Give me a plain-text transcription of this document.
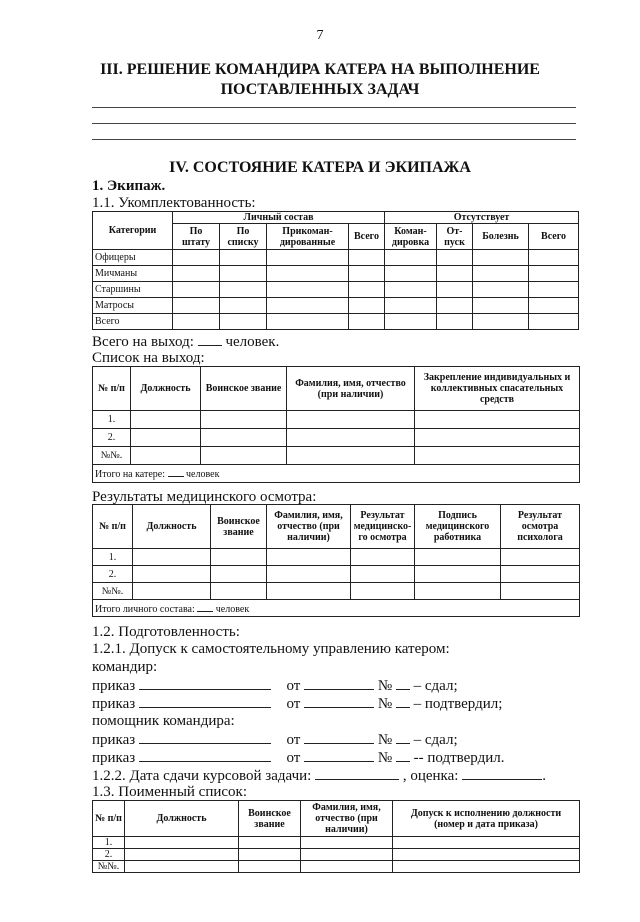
7
III. РЕШЕНИЕ КОМАНДИРА КАТЕРА НА ВЫПОЛНЕНИЕ
ПОСТАВЛЕННЫХ ЗАДАЧ
IV. СОСТОЯНИЕ КАТЕРА И ЭКИПАЖА
1. Экипаж.
1.1. Укомплектованность:
Категории	Личный состав				Отсутствует			
	По штату	По списку	Прикоман-дированные	Всего	Коман-дировка	От-пуск	Болезнь	Всего
Офицеры								
Мичманы								
Старшины								
Матросы								
Всего								
Всего на выход: человек.
Список на выход:
№ п/п	Должность	Воинское звание	Фамилия, имя, отчество (при наличии)	Закрепление индивидуальных и коллективных спасательных средств
1.				
2.				
№№.				
Итого на катере: человек				
Результаты медицинского осмотра:
№ п/п	Должность	Воинское звание	Фамилия, имя, отчество (при наличии)	Результат медицинско-го осмотра	Подпись медицинского работника	Результат осмотра психолога
1.						
2.						
№№.						
Итого личного состава: человек						
1.2. Подготовленность:
1.2.1. Допуск к самостоятельному управлению катером:
командир:
приказ	от	№ – сдал;
приказ	от	№ – подтвердил;
помощник командира:
приказ	от	№ – сдал;
приказ	от	№ -- подтвердил.
1.2.2. Дата сдачи курсовой задачи:	, оценка:	.
1.3. Поименный список:
№ п/п	Должность	Воинское звание	Фамилия, имя, отчество (при наличии)	Допуск к исполнению должности (номер и дата приказа)
1.				
2.				
№№.				
